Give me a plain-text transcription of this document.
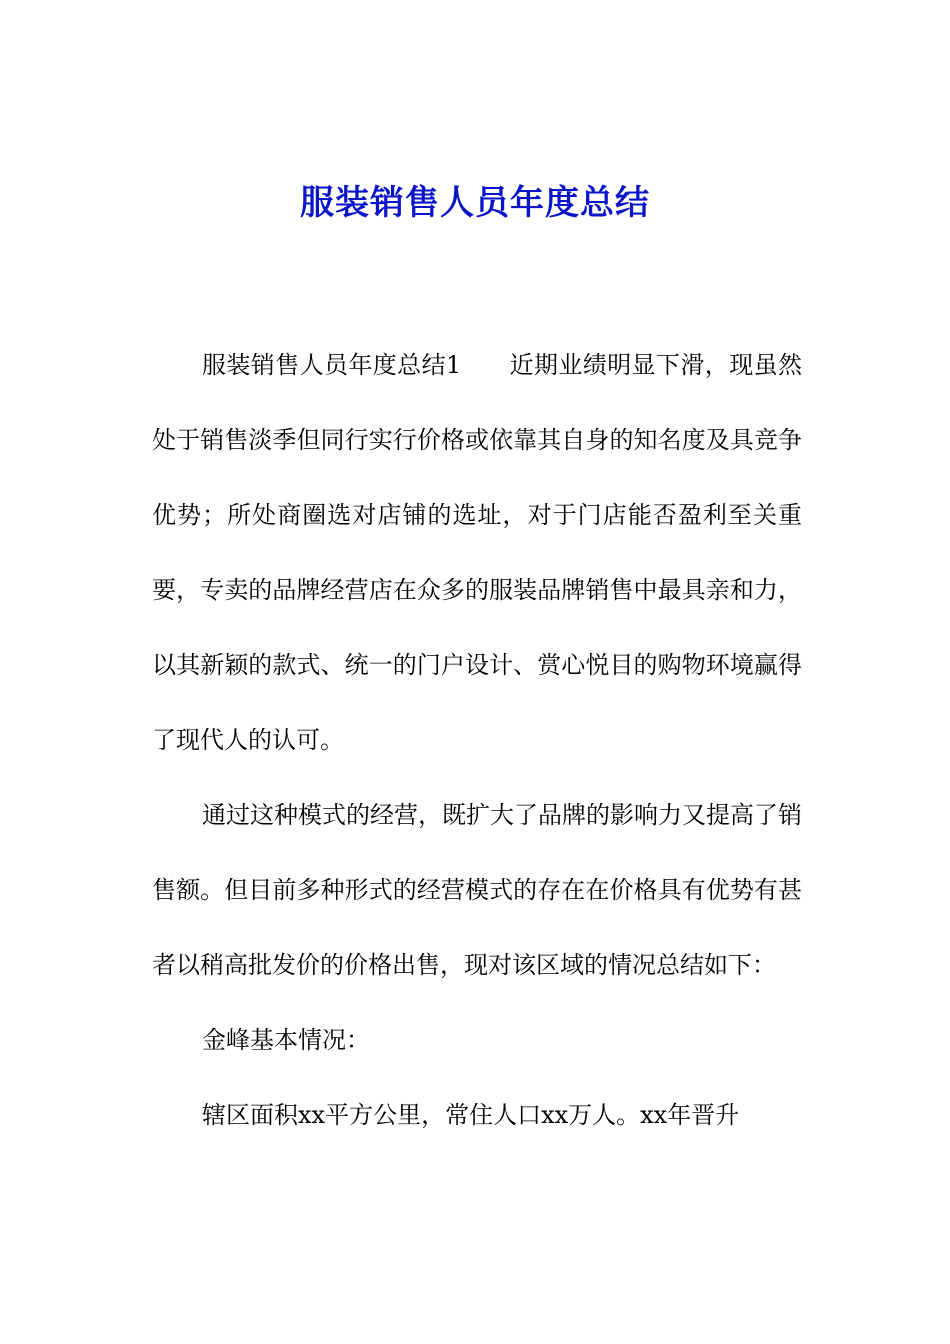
服装销售人员年度总结

服装销售人员年度总结1 近期业绩明显下滑，现虽然处于销售淡季但同行实行价格或依靠其自身的知名度及具竞争优势；所处商圈选对店铺的选址，对于门店能否盈利至关重要，专卖的品牌经营店在众多的服装品牌销售中最具亲和力，以其新颖的款式、统一的门户设计、赏心悦目的购物环境赢得了现代人的认可。

通过这种模式的经营，既扩大了品牌的影响力又提高了销售额。但目前多种形式的经营模式的存在在价格具有优势有甚者以稍高批发价的价格出售，现对该区域的情况总结如下：

金峰基本情况：

辖区面积xx平方公里，常住人口xx万人。xx年晋升
